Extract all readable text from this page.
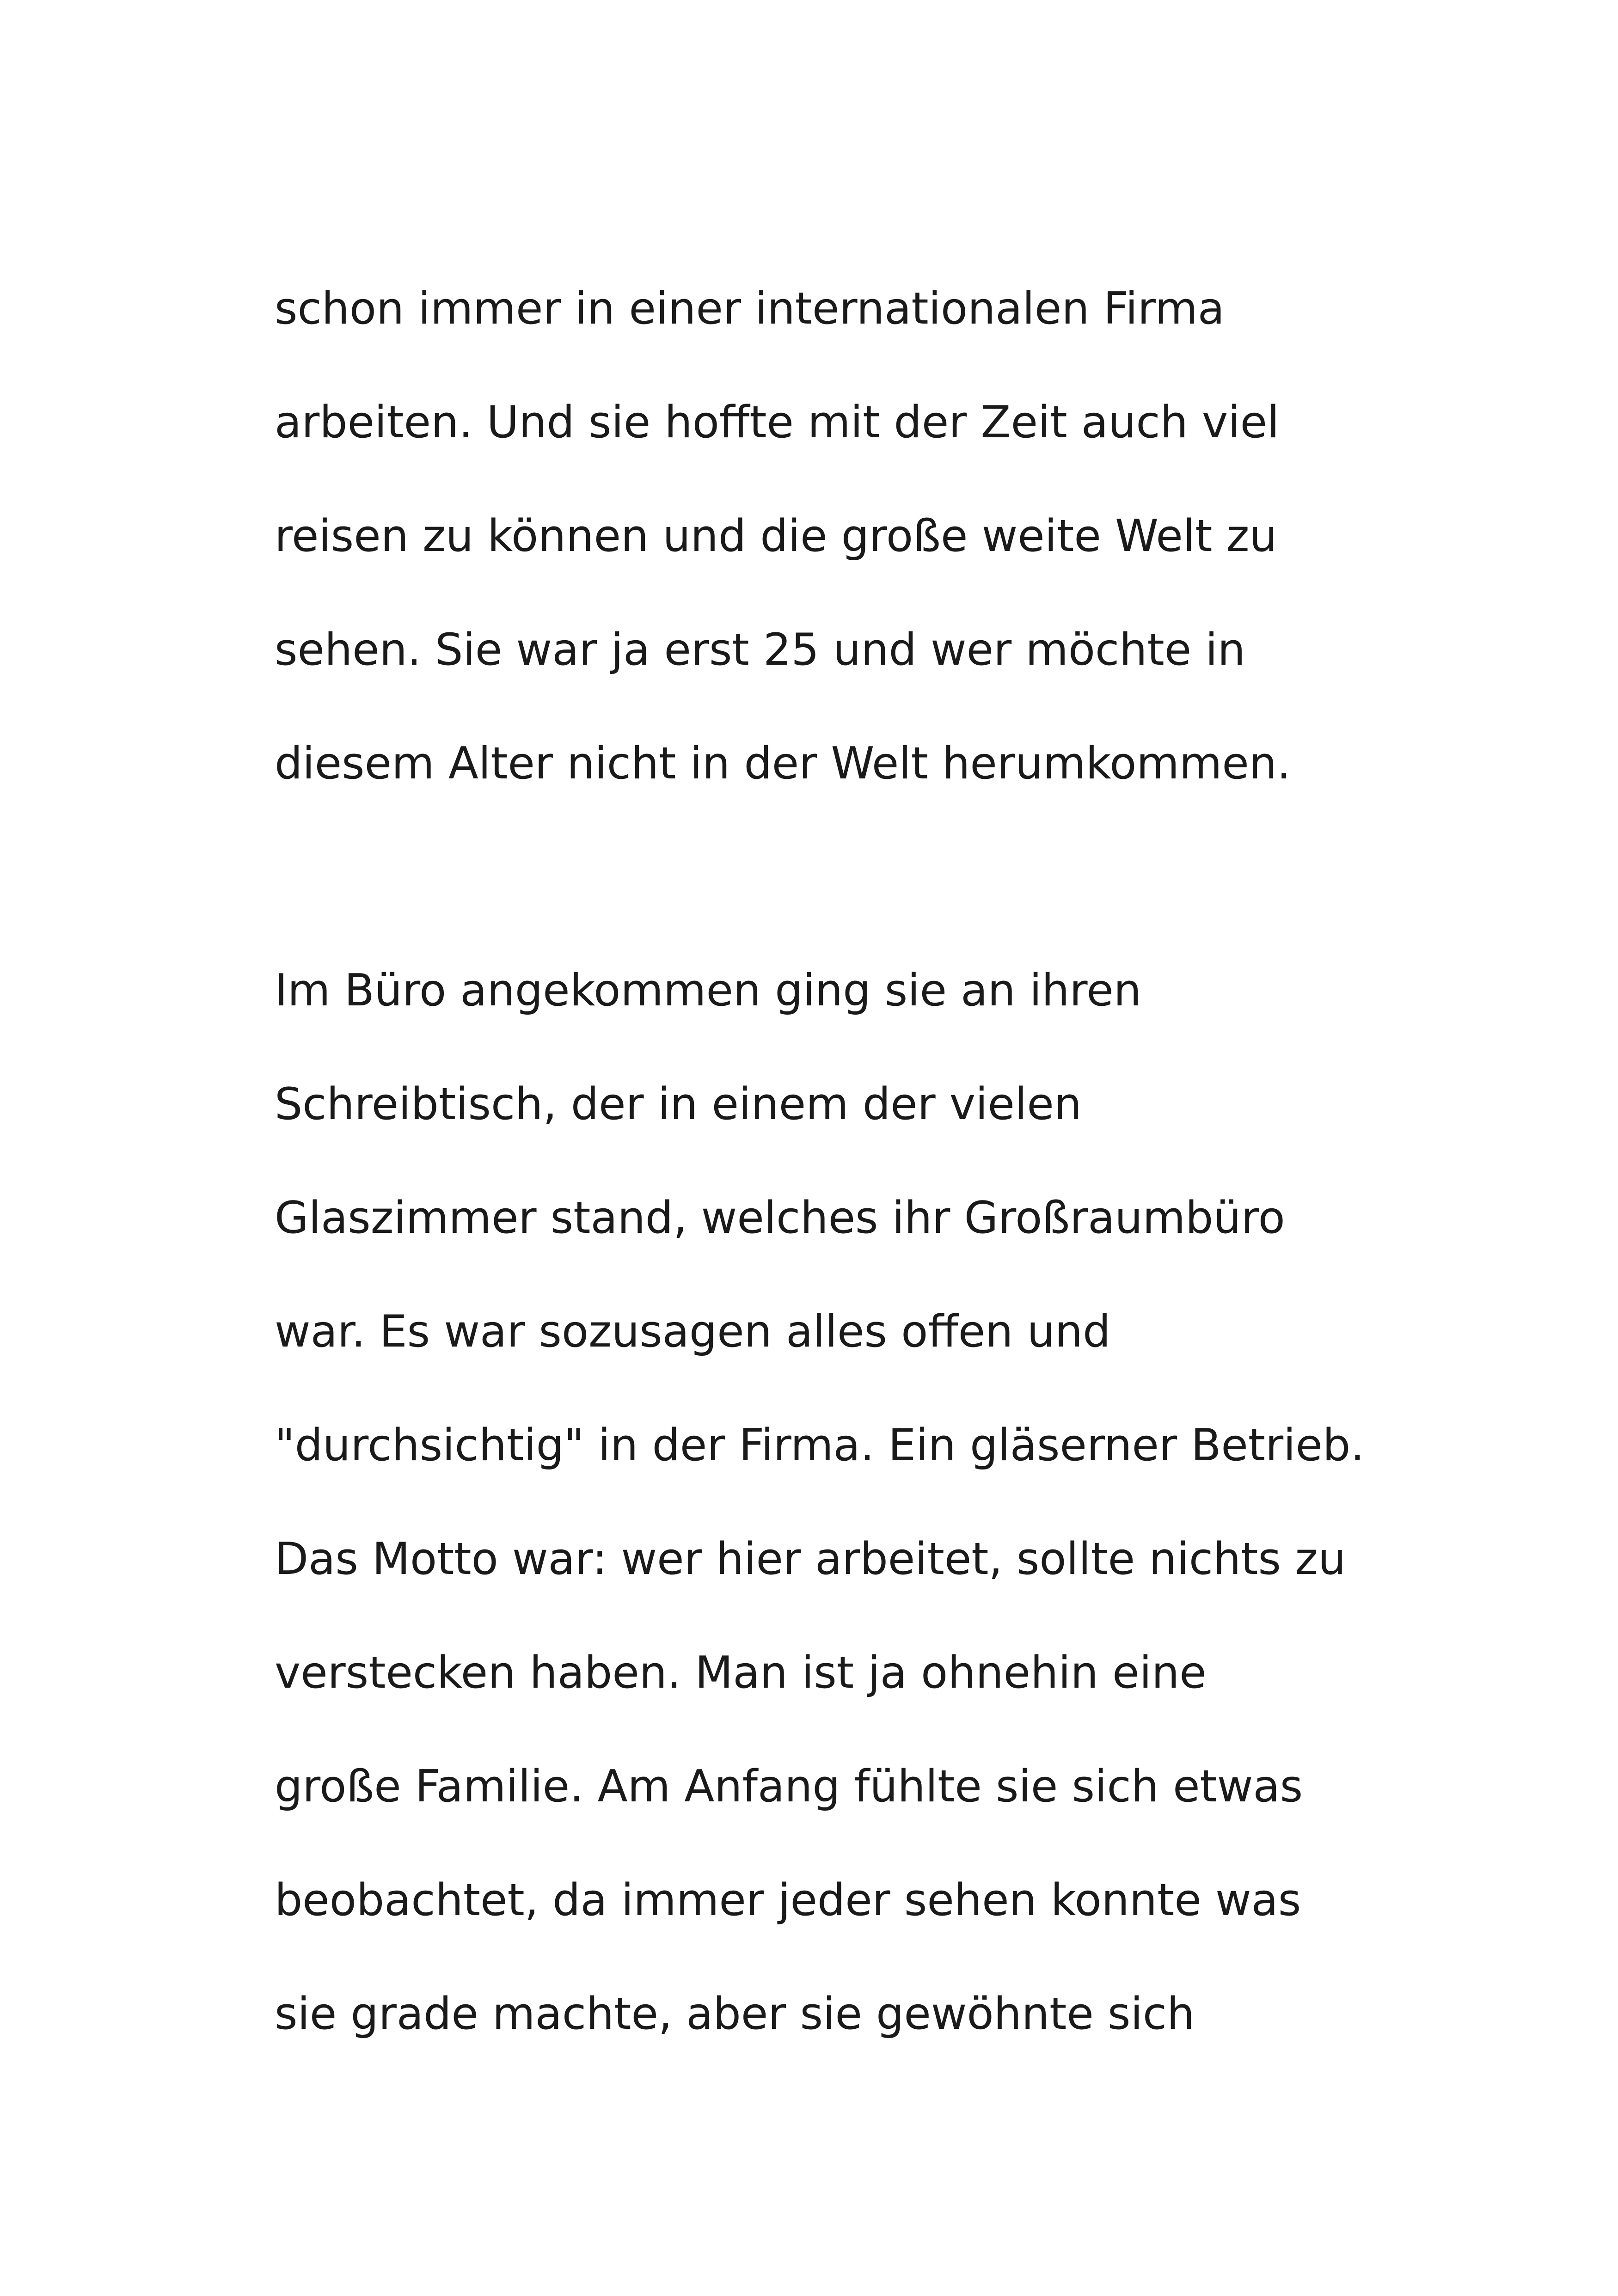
schon immer in einer internationalen Firma
arbeiten. Und sie hoffte mit der Zeit auch viel
reisen zu können und die große weite Welt zu
sehen. Sie war ja erst 25 und wer möchte in
diesem Alter nicht in der Welt herumkommen.
Im Büro angekommen ging sie an ihren
Schreibtisch, der in einem der vielen
Glaszimmer stand, welches ihr Großraumbüro
war. Es war sozusagen alles offen und
"durchsichtig" in der Firma. Ein gläserner Betrieb.
Das Motto war: wer hier arbeitet, sollte nichts zu
verstecken haben. Man ist ja ohnehin eine
große Familie. Am Anfang fühlte sie sich etwas
beobachtet, da immer jeder sehen konnte was
sie grade machte, aber sie gewöhnte sich
